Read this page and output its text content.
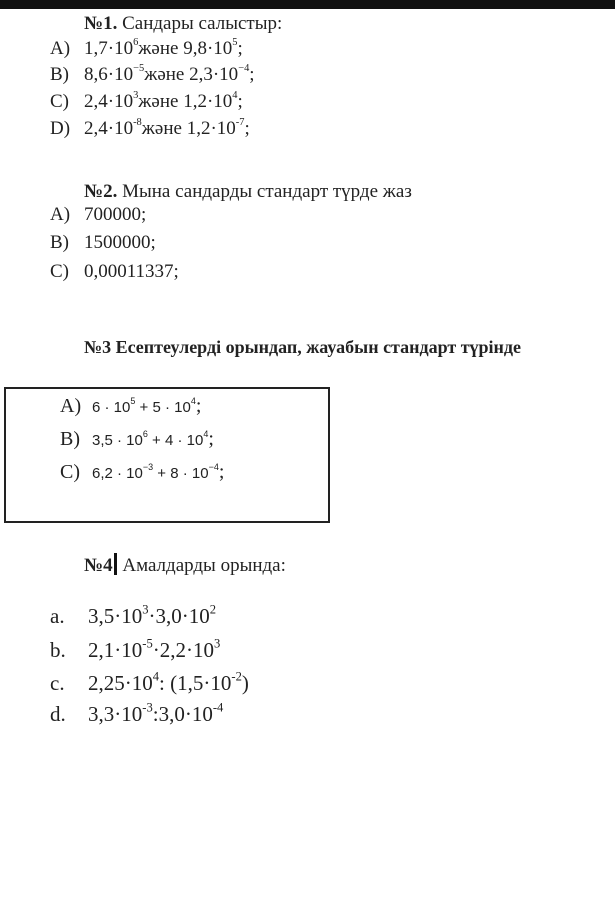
№1. Сандары салыстыр:
A) $1,7\cdot 10^6және$ $9,8\cdot 10^5$;
B) $8,6\cdot 10^{-5}және$ $2,3\cdot 10^{-4}$;
C) $2,4\cdot 10^3және$ $1,2\cdot 10^4$;
D) $2,4\cdot 10^{-8}және$ $1,2\cdot 10^{-7}$;
№2. Мына сандарды стандарт түрде жаз
A) 700000;
B) 1500000;
C) 0,00011337;
№3 Есептеулерді орындап, жауабын стандарт түрінде
A) $6 \cdot 10^5 + 5 \cdot 10^4$;
B) $3,5 \cdot 10^6 + 4 \cdot 10^4$;
C) $6,2 \cdot 10^{-3} + 8 \cdot 10^{-4}$;
№4 Амалдарды орында:
a. $3,5\cdot 10^3\cdot 3,0\cdot 10^2$
b. $2,1\cdot 10^{-5}\cdot 2,2\cdot 10^3$
c. $2,25\cdot 10^4$: $(1,5\cdot 10^{-2})$
d. $3,3\cdot 10^{-3}:3,0\cdot 10^{-4}$
